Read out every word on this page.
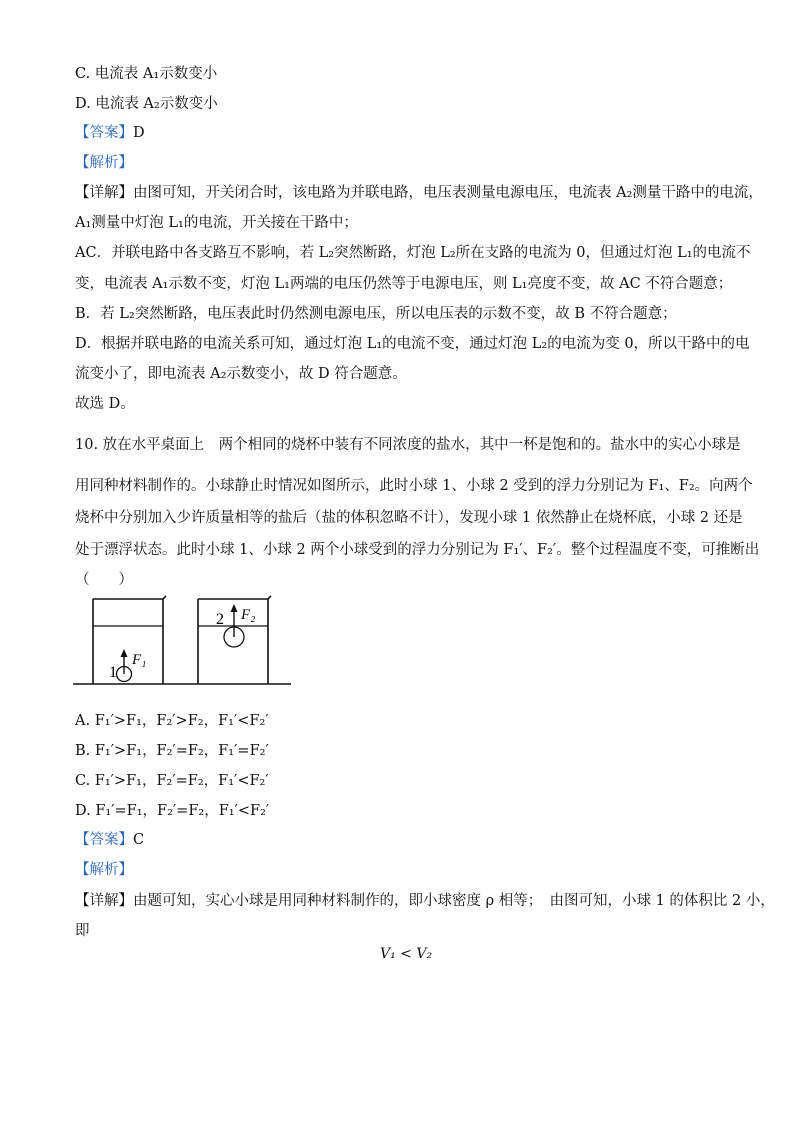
C. 电流表 A₁示数变小
D. 电流表 A₂示数变小
【答案】D
【解析】
【详解】由图可知，开关闭合时，该电路为并联电路，电压表测量电源电压，电流表 A₂测量干路中的电流，
A₁测量中灯泡 L₁的电流，开关接在干路中；
AC．并联电路中各支路互不影响，若 L₂突然断路，灯泡 L₂所在支路的电流为 0，但通过灯泡 L₁的电流不
变，电流表 A₁示数不变，灯泡 L₁两端的电压仍然等于电源电压，则 L₁亮度不变，故 AC 不符合题意；
B．若 L₂突然断路，电压表此时仍然测电源电压，所以电压表的示数不变，故 B 不符合题意；
D．根据并联电路的电流关系可知，通过灯泡 L₁的电流不变，通过灯泡 L₂的电流为变 0，所以干路中的电
流变小了，即电流表 A₂示数变小，故 D 符合题意。
故选 D。
10. 放在水平桌面上　两个相同的烧杯中装有不同浓度的盐水，其中一杯是饱和的。盐水中的实心小球是
用同种材料制作的。小球静止时情况如图所示，此时小球 1、小球 2 受到的浮力分别记为 F₁、F₂。向两个
烧杯中分别加入少许质量相等的盐后（盐的体积忽略不计），发现小球 1 依然静止在烧杯底，小球 2 还是
处于漂浮状态。此时小球 1、小球 2 两个小球受到的浮力分别记为 F₁′、F₂′。整个过程温度不变，可推断出
（　　）
1
F₁
2 F₂
A. F₁′>F₁，F₂′>F₂，F₁′<F₂′
B. F₁′>F₁，F₂′=F₂，F₁′=F₂′
C. F₁′>F₁，F₂′=F₂，F₁′<F₂′
D. F₁′=F₁，F₂′=F₂，F₁′<F₂′
【答案】C
【解析】
【详解】由题可知，实心小球是用同种材料制作的，即小球密度 ρ 相等；　由图可知，小球 1 的体积比 2 小，
即
V₁ < V₂
